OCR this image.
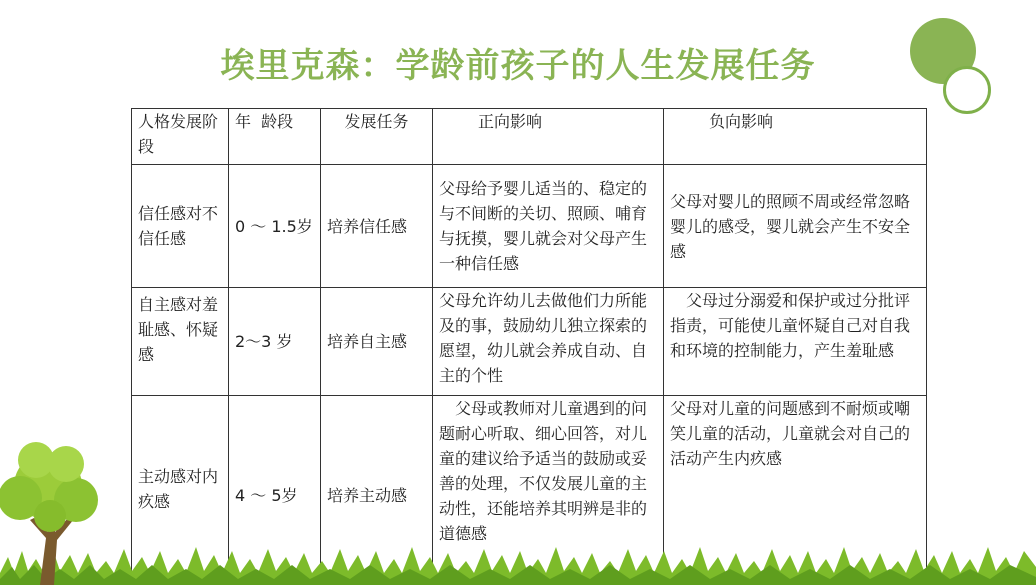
埃里克森：学龄前孩子的人生发展任务
人格发展阶段	年  龄段	发展任务	正向影响	负向影响
信任感对不信任感	0 ～ 1.5岁	培养信任感	父母给予婴儿适当的、稳定的与不间断的关切、照顾、哺育与抚摸，婴儿就会对父母产生一种信任感	父母对婴儿的照顾不周或经常忽略婴儿的感受，婴儿就会产生不安全感
自主感对羞耻感、怀疑感	2～3 岁	培养自主感	父母允许幼儿去做他们力所能及的事，鼓励幼儿独立探索的愿望，幼儿就会养成自动、自主的个性	父母过分溺爱和保护或过分批评指责，可能使儿童怀疑自己对自我和环境的控制能力，产生羞耻感
主动感对内疚感	4 ～ 5岁	培养主动感	父母或教师对儿童遇到的问题耐心听取、细心回答，对儿童的建议给予适当的鼓励或妥善的处理，不仅发展儿童的主动性，还能培养其明辨是非的道德感	父母对儿童的问题感到不耐烦或嘲笑儿童的活动，儿童就会对自己的活动产生内疚感
